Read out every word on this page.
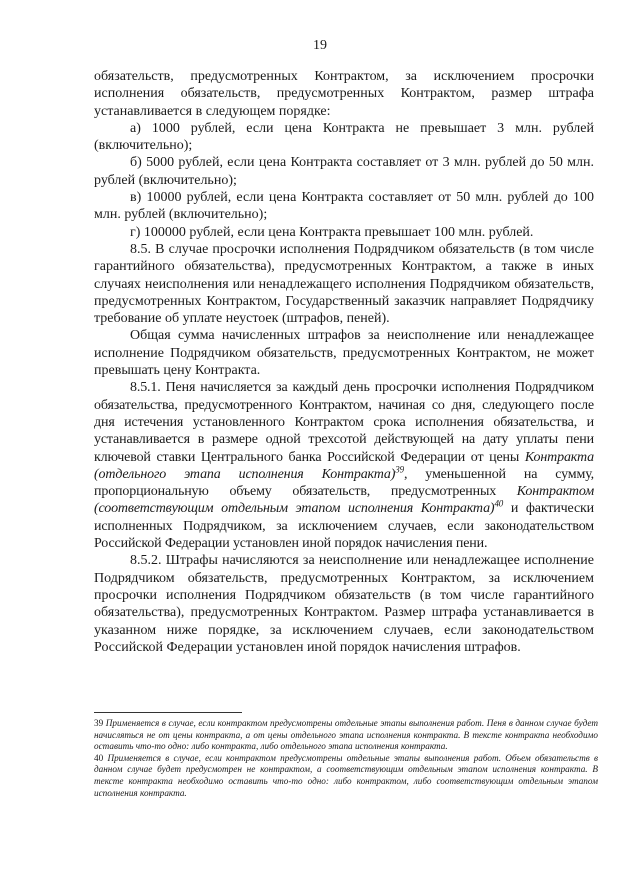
19

обязательств, предусмотренных Контрактом, за исключением просрочки исполнения обязательств, предусмотренных Контрактом, размер штрафа устанавливается в следующем порядке:

а) 1000 рублей, если цена Контракта не превышает 3 млн. рублей (включительно);

б) 5000 рублей, если цена Контракта составляет от 3 млн. рублей до 50 млн. рублей (включительно);

в) 10000 рублей, если цена Контракта составляет от 50 млн. рублей до 100 млн. рублей (включительно);

г) 100000 рублей, если цена Контракта превышает 100 млн. рублей.

8.5. В случае просрочки исполнения Подрядчиком обязательств (в том числе гарантийного обязательства), предусмотренных Контрактом, а также в иных случаях неисполнения или ненадлежащего исполнения Подрядчиком обязательств, предусмотренных Контрактом, Государственный заказчик направляет Подрядчику требование об уплате неустоек (штрафов, пеней).

Общая сумма начисленных штрафов за неисполнение или ненадлежащее исполнение Подрядчиком обязательств, предусмотренных Контрактом, не может превышать цену Контракта.

8.5.1. Пеня начисляется за каждый день просрочки исполнения Подрядчиком обязательства, предусмотренного Контрактом, начиная со дня, следующего после дня истечения установленного Контрактом срока исполнения обязательства, и устанавливается в размере одной трехсотой действующей на дату уплаты пени ключевой ставки Центрального банка Российской Федерации от цены Контракта (отдельного этапа исполнения Контракта)$^{39}$, уменьшенной на сумму, пропорциональную объему обязательств, предусмотренных Контрактом (соответствующим отдельным этапом исполнения Контракта)$^{40}$ и фактически исполненных Подрядчиком, за исключением случаев, если законодательством Российской Федерации установлен иной порядок начисления пени.

8.5.2. Штрафы начисляются за неисполнение или ненадлежащее исполнение Подрядчиком обязательств, предусмотренных Контрактом, за исключением просрочки исполнения Подрядчиком обязательств (в том числе гарантийного обязательства), предусмотренных Контрактом. Размер штрафа устанавливается в указанном ниже порядке, за исключением случаев, если законодательством Российской Федерации установлен иной порядок начисления штрафов.

39 Применяется в случае, если контрактом предусмотрены отдельные этапы выполнения работ. Пеня в данном случае будет начисляться не от цены контракта, а от цены отдельного этапа исполнения контракта. В тексте контракта необходимо оставить что-то одно: либо контракта, либо отдельного этапа исполнения контракта.

40 Применяется в случае, если контрактом предусмотрены отдельные этапы выполнения работ. Объем обязательств в данном случае будет предусмотрен не контрактом, а соответствующим отдельным этапом исполнения контракта. В тексте контракта необходимо оставить что-то одно: либо контрактом, либо соответствующим отдельным этапом исполнения контракта.
